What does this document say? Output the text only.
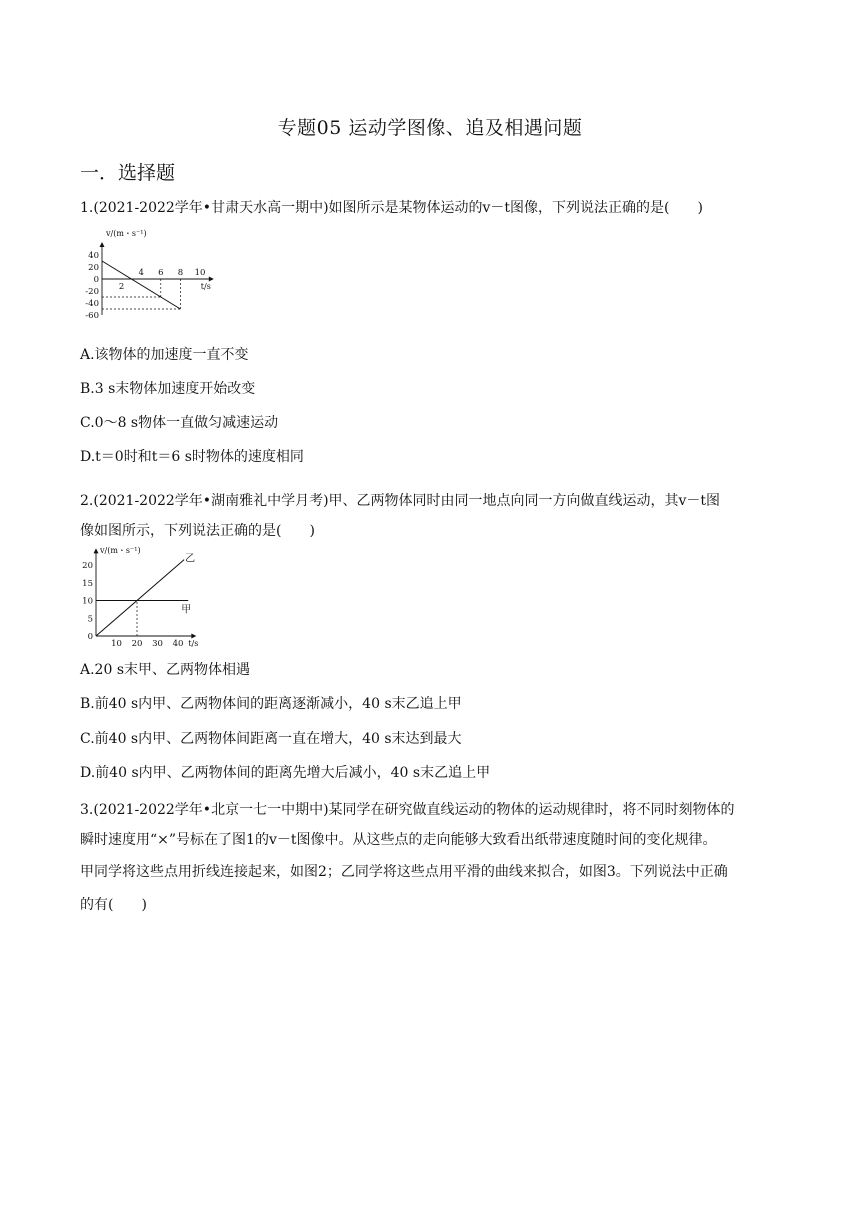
专题05 运动学图像、追及相遇问题
一．选择题
1.(2021-2022学年•甘肃天水高一期中)如图所示是某物体运动的v－t图像，下列说法正确的是(　　)
v/(m・s⁻¹)
t/s
40
20
0
-20
-40
-60
2
4 6 8 10
A.该物体的加速度一直不变
B.3 s末物体加速度开始改变
C.0～8 s物体一直做匀减速运动
D.t＝0时和t＝6 s时物体的速度相同
2.(2021-2022学年•湖南雅礼中学月考)甲、乙两物体同时由同一地点向同一方向做直线运动，其v－t图
像如图所示，下列说法正确的是(　　)
v/(m・s⁻¹)
t/s
20
15
10
5
0
10 20 30 40
乙
甲
A.20 s末甲、乙两物体相遇
B.前40 s内甲、乙两物体间的距离逐渐减小，40 s末乙追上甲
C.前40 s内甲、乙两物体间距离一直在增大，40 s末达到最大
D.前40 s内甲、乙两物体间的距离先增大后减小，40 s末乙追上甲
3.(2021-2022学年•北京一七一中期中)某同学在研究做直线运动的物体的运动规律时，将不同时刻物体的
瞬时速度用“×”号标在了图1的v－t图像中。从这些点的走向能够大致看出纸带速度随时间的变化规律。
甲同学将这些点用折线连接起来，如图2；乙同学将这些点用平滑的曲线来拟合，如图3。下列说法中正确
的有(　　)
